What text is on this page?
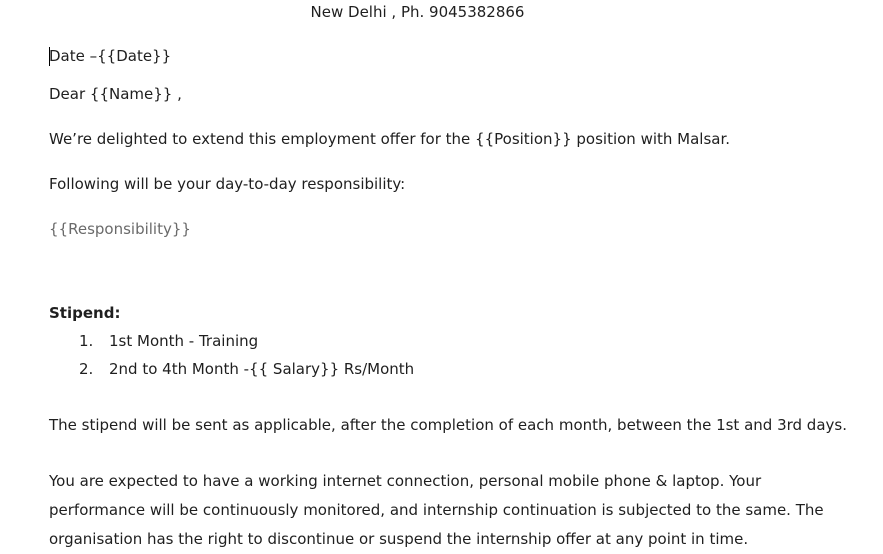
New Delhi , Ph. 9045382866
Date –{{Date}}
Dear {{Name}} ,
We’re delighted to extend this employment offer for the {{Position}} position with Malsar.
Following will be your day-to-day responsibility:
{{Responsibility}}
Stipend:
1. 1st Month - Training
2. 2nd to 4th Month -{{ Salary}} Rs/Month
The stipend will be sent as applicable, after the completion of each month, between the 1st and 3rd days.
You are expected to have a working internet connection, personal mobile phone & laptop. Your performance will be continuously monitored, and internship continuation is subjected to the same. The organisation has the right to discontinue or suspend the internship offer at any point in time.
